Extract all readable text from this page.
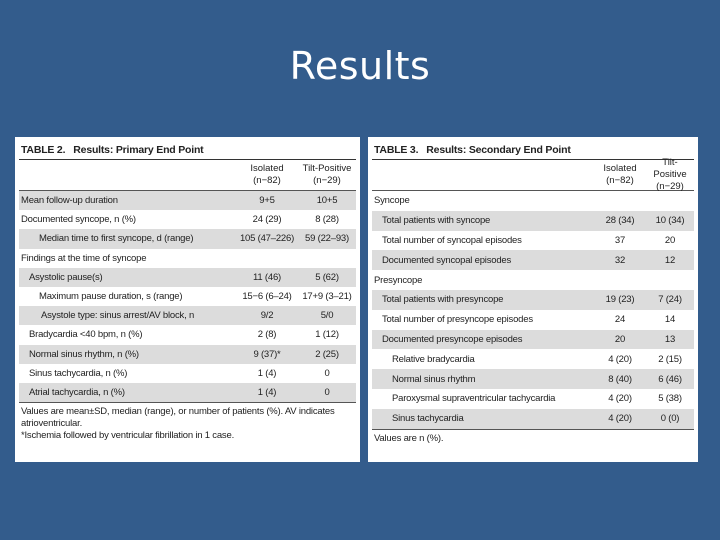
Results
TABLE 2. Results: Primary End Point
Isolated
(n−82)
Tilt-Positive
(n−29)
Mean follow-up duration	9+5	10+5
Documented syncope, n (%)	24 (29)	8 (28)
Median time to first syncope, d (range)	105 (47–226)	59 (22–93)
Findings at the time of syncope
Asystolic pause(s)	11 (46)	5 (62)
Maximum pause duration, s (range)	15−6 (6–24)	17+9 (3–21)
Asystole type: sinus arrest/AV block, n	9/2	5/0
Bradycardia <40 bpm, n (%)	2 (8)	1 (12)
Normal sinus rhythm, n (%)	9 (37)*	2 (25)
Sinus tachycardia, n (%)	1 (4)	0
Atrial tachycardia, n (%)	1 (4)	0
Values are mean±SD, median (range), or number of patients (%). AV indicates atrioventricular.
*Ischemia followed by ventricular fibrillation in 1 case.
TABLE 3. Results: Secondary End Point
Isolated
(n−82)
Tilt-Positive
(n−29)
Syncope
Total patients with syncope	28 (34)	10 (34)
Total number of syncopal episodes	37	20
Documented syncopal episodes	32	12
Presyncope
Total patients with presyncope	19 (23)	7 (24)
Total number of presyncope episodes	24	14
Documented presyncope episodes	20	13
Relative bradycardia	4 (20)	2 (15)
Normal sinus rhythm	8 (40)	6 (46)
Paroxysmal supraventricular tachycardia	4 (20)	5 (38)
Sinus tachycardia	4 (20)	0 (0)
Values are n (%).
